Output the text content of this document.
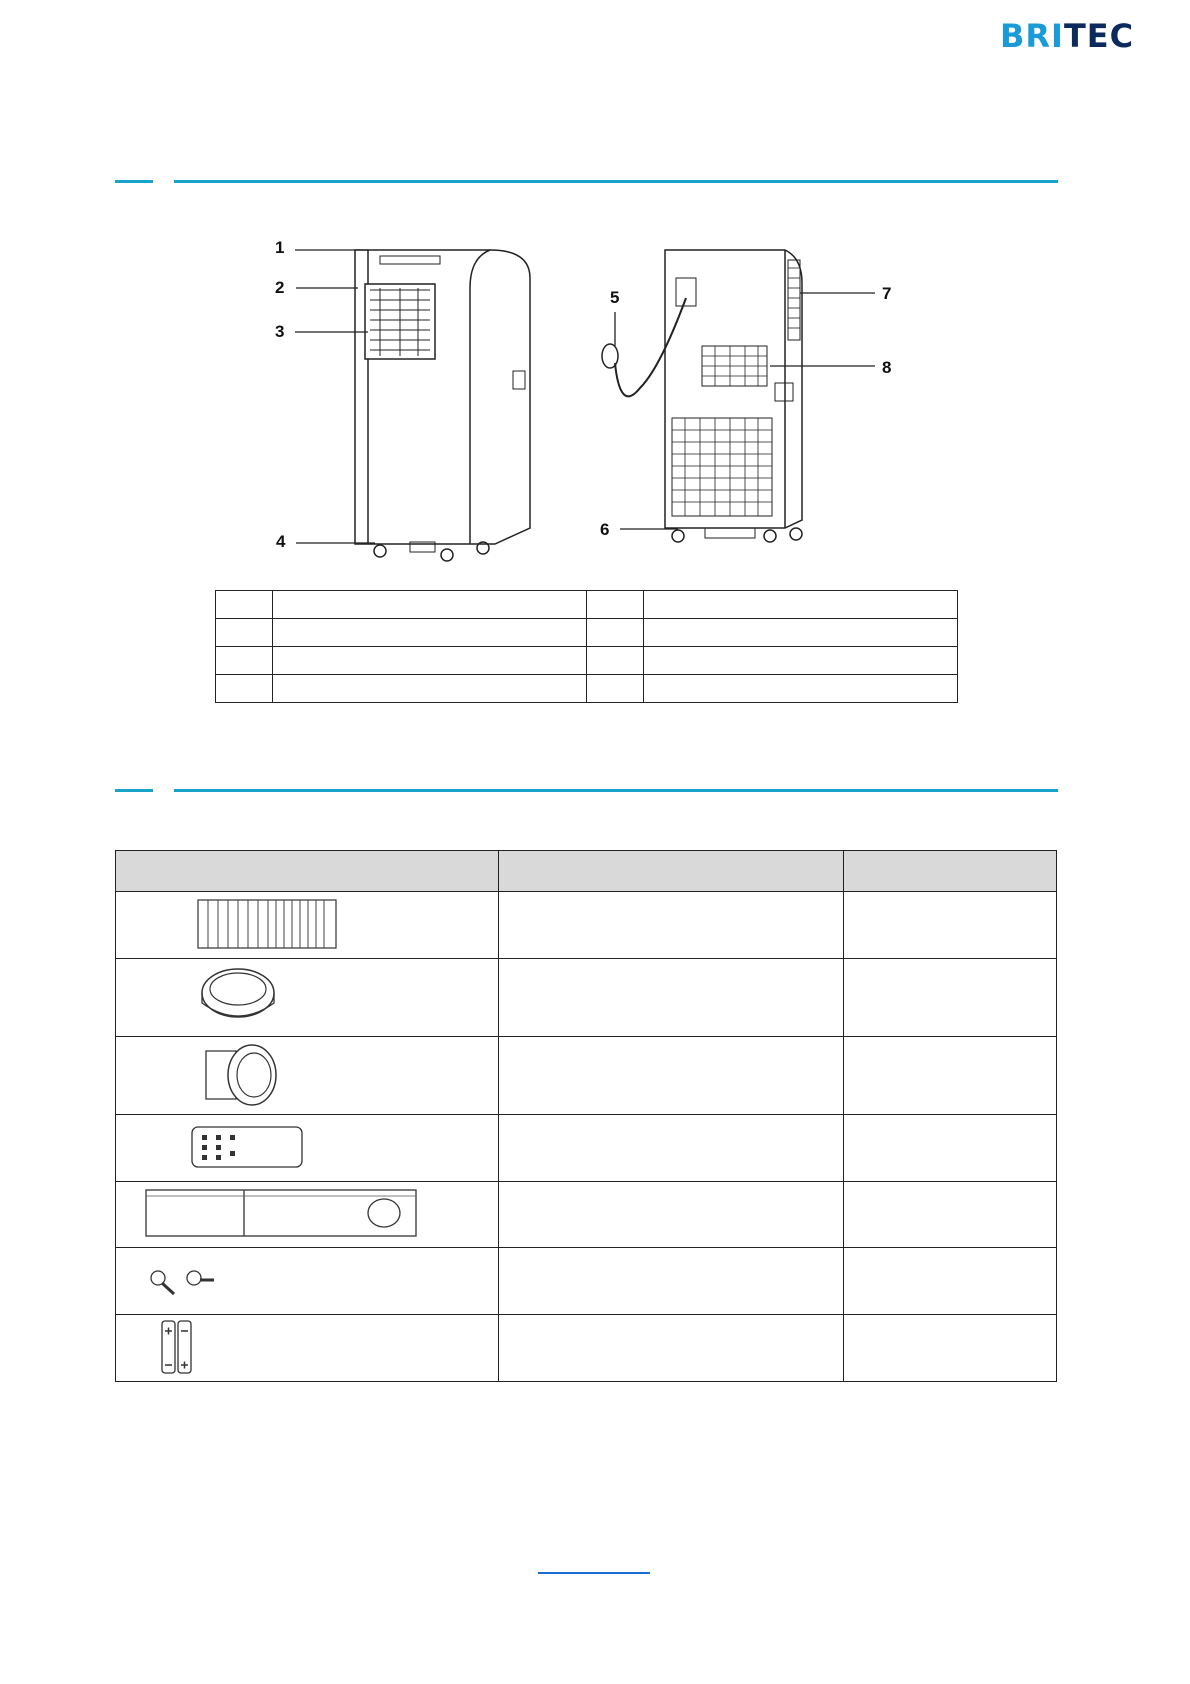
BRITEC
1
2
3
4
5
6
7
8
